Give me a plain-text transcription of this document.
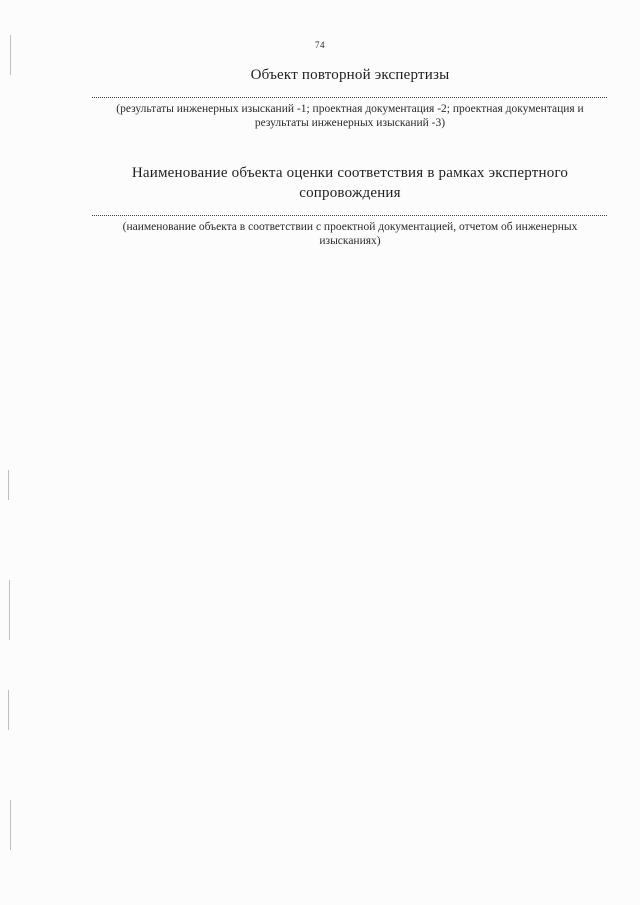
74
Объект повторной экспертизы
(результаты инженерных изысканий -1; проектная документация -2; проектная документация и результаты инженерных изысканий -3)
Наименование объекта оценки соответствия в рамках экспертного сопровождения
(наименование объекта в соответствии с проектной документацией, отчетом об инженерных изысканиях)
